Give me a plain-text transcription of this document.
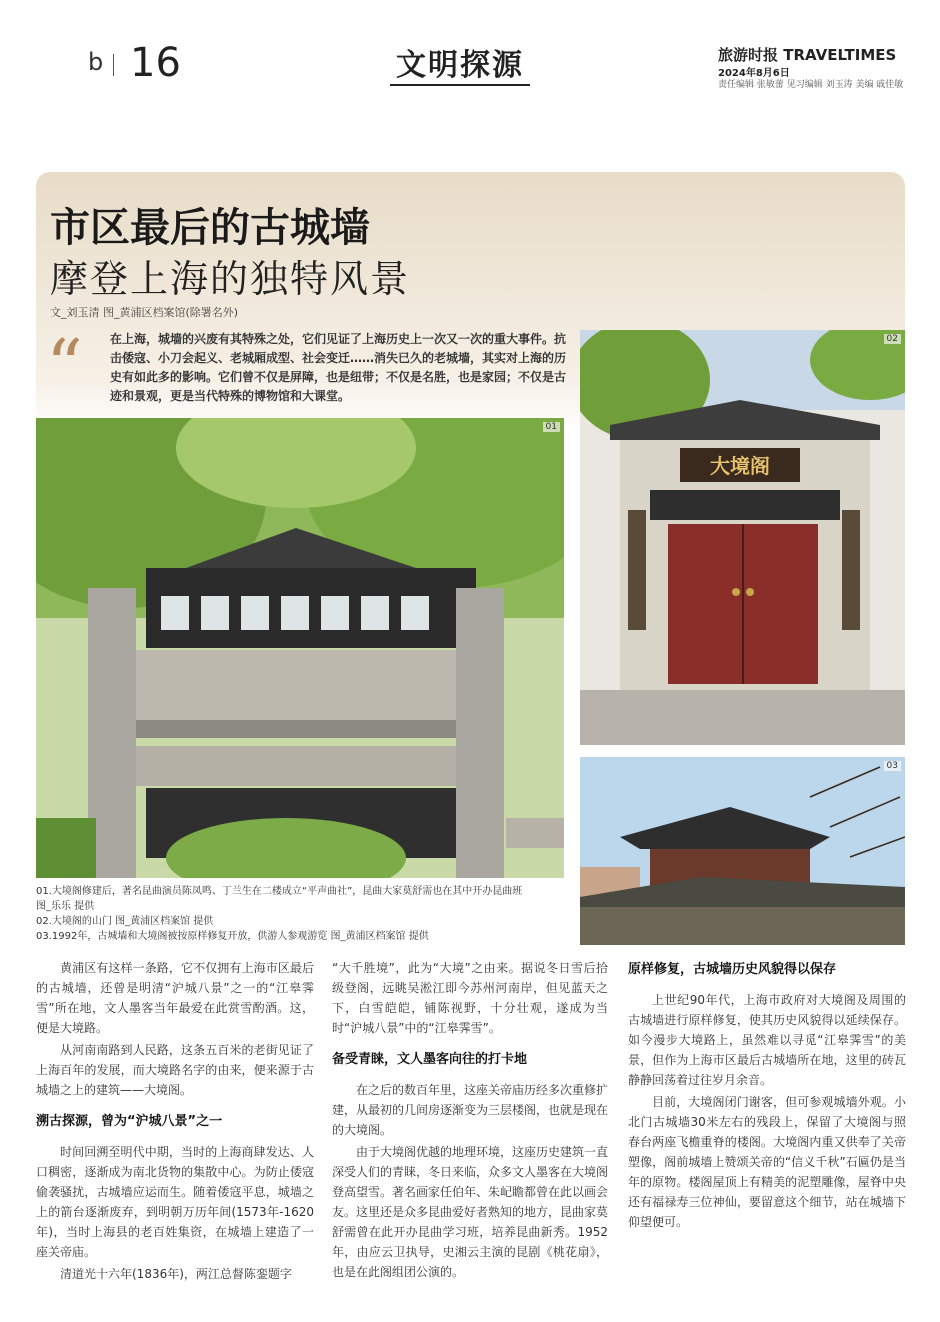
b 16	文明探源	旅游时报 TRAVELTIMES
2024年8月6日
责任编辑 张敏蕾 见习编辑 刘玉涛 美编 戚佳敏
市区最后的古城墙
摩登上海的独特风景
文_刘玉清 图_黄浦区档案馆(除署名外)
“ 在上海，城墙的兴废有其特殊之处，它们见证了上海历史上一次又一次的重大事件。抗击倭寇、小刀会起义、老城厢成型、社会变迁……消失已久的老城墙，其实对上海的历史有如此多的影响。它们曾不仅是屏障，也是纽带；不仅是名胜，也是家园；不仅是古迹和景观，更是当代特殊的博物馆和大课堂。
01
大境阁
02
03
01.大境阁修建后，著名昆曲演员陈凤鸣、丁兰生在二楼成立“平声曲社”，昆曲大家莫舒需也在其中开办昆曲班
图_乐乐 提供
02.大境阁的山门 图_黄浦区档案馆 提供
03.1992年，古城墙和大境阁被按原样修复开放，供游人参观游览 图_黄浦区档案馆 提供

黄浦区有这样一条路，它不仅拥有上海市区最后的古城墙，还曾是明清“沪城八景”之一的“江皋霁雪”所在地，文人墨客当年最爱在此赏雪酌酒。这，便是大境路。

从河南南路到人民路，这条五百米的老街见证了上海百年的发展，而大境路名字的由来，便来源于古城墙之上的建筑——大境阁。

溯古探源，曾为“沪城八景”之一

时间回溯至明代中期，当时的上海商肆发达、人口稠密，逐渐成为南北货物的集散中心。为防止倭寇偷袭骚扰，古城墙应运而生。随着倭寇平息，城墙之上的箭台逐渐废弃，到明朝万历年间(1573年-1620年)，当时上海县的老百姓集资，在城墙上建造了一座关帝庙。

清道光十六年(1836年)，两江总督陈銮题字

“大千胜境”，此为“大境”之由来。据说冬日雪后拾级登阁，远眺吴淞江即今苏州河南岸，但见蓝天之下，白雪皑皑，铺陈视野，十分壮观，遂成为当时“沪城八景”中的“江皋霁雪”。

备受青睐，文人墨客向往的打卡地

在之后的数百年里，这座关帝庙历经多次重修扩建，从最初的几间房逐渐变为三层楼阁，也就是现在的大境阁。

由于大境阁优越的地理环境，这座历史建筑一直深受人们的青睐，冬日来临，众多文人墨客在大境阁登高望雪。著名画家任伯年、朱屺瞻都曾在此以画会友。这里还是众多昆曲爱好者熟知的地方，昆曲家莫舒需曾在此开办昆曲学习班，培养昆曲新秀。1952年，由应云卫执导，史湘云主演的昆剧《桃花扇》，也是在此阁组团公演的。

原样修复，古城墙历史风貌得以保存

上世纪90年代，上海市政府对大境阁及周围的古城墙进行原样修复，使其历史风貌得以延续保存。如今漫步大境路上，虽然难以寻觅“江皋霁雪”的美景，但作为上海市区最后古城墙所在地，这里的砖瓦静静回荡着过往岁月余音。

目前，大境阁闭门谢客，但可参观城墙外观。小北门古城墙30米左右的残段上，保留了大境阁与照春台两座飞檐重脊的楼阁。大境阁内重又供奉了关帝塑像，阁前城墙上赞颂关帝的“信义千秋”石匾仍是当年的原物。楼阁屋顶上有精美的泥塑雕像，屋脊中央还有福禄寿三位神仙，要留意这个细节，站在城墙下仰望便可。
